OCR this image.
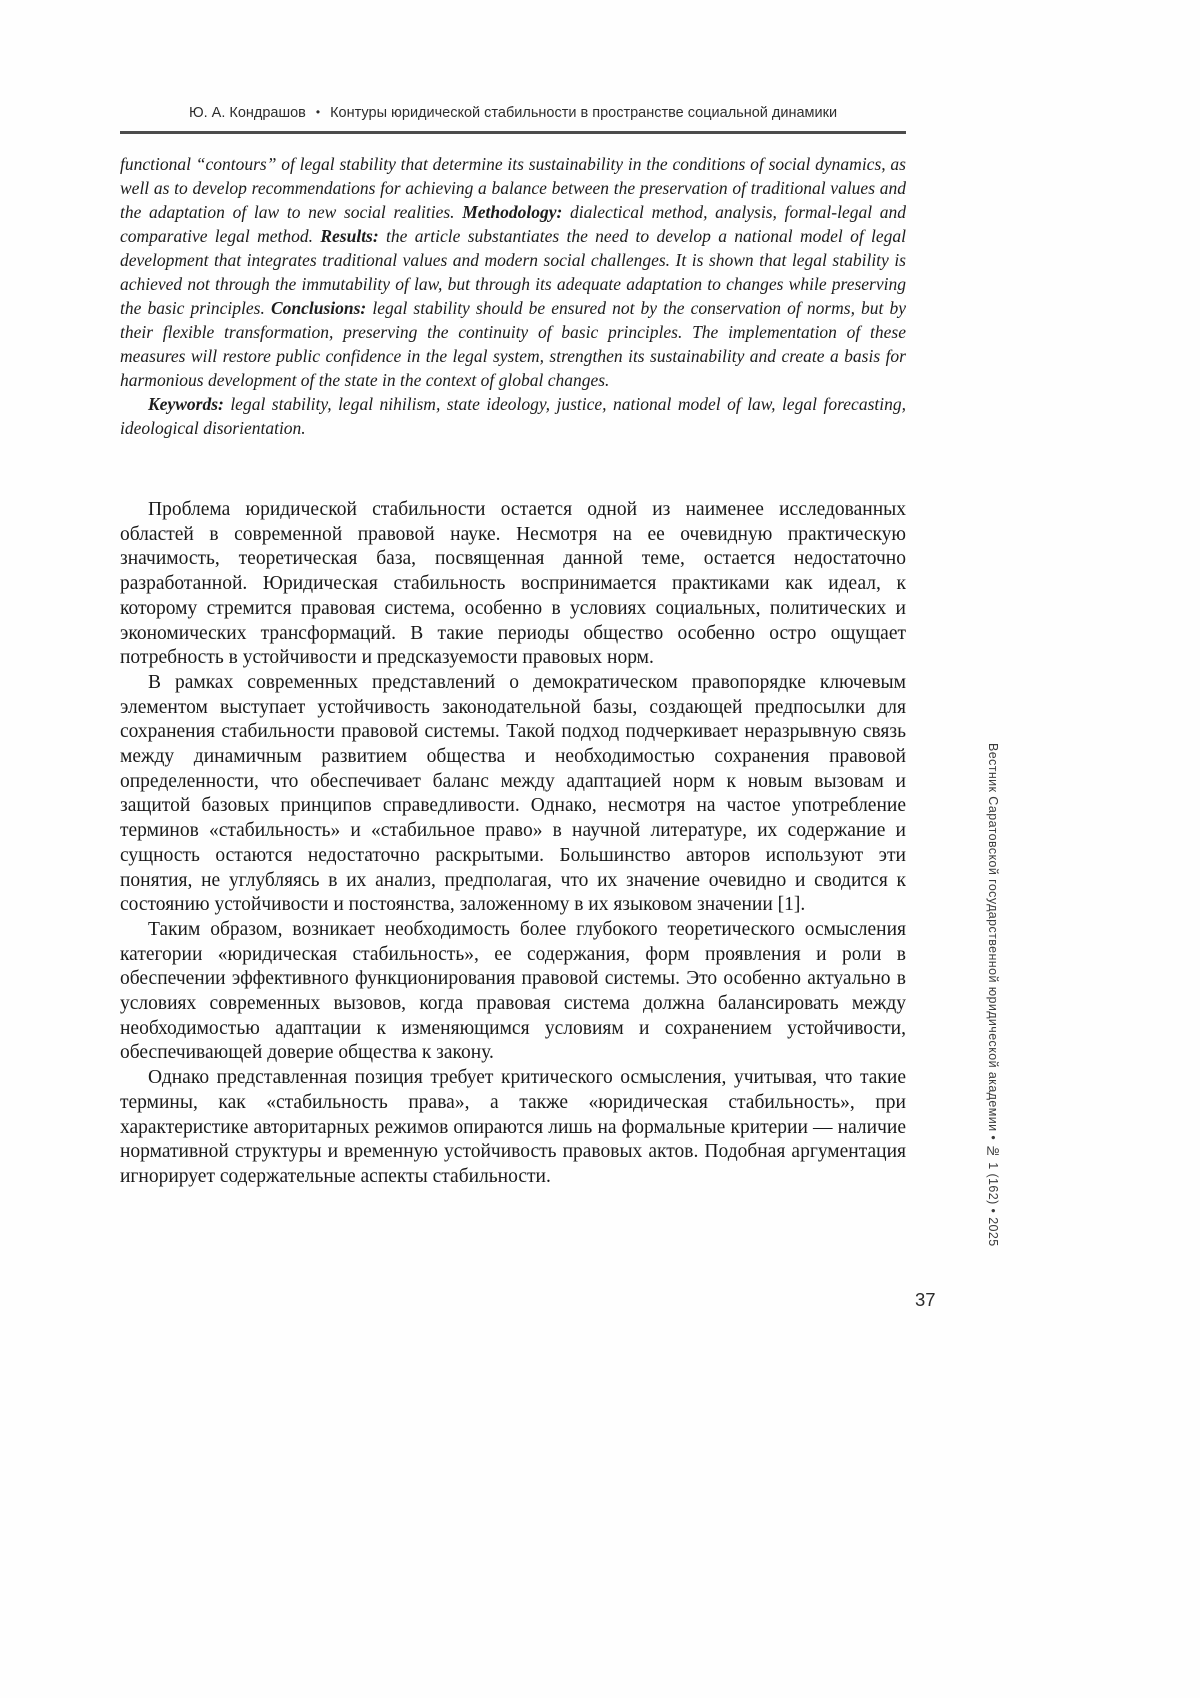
Ю. А. Кондрашов • Контуры юридической стабильности в пространстве социальной динамики

functional “contours” of legal stability that determine its sustainability in the conditions of social dynamics, as well as to develop recommendations for achieving a balance between the preservation of traditional values and the adaptation of law to new social realities. Methodology: dialectical method, analysis, formal-legal and comparative legal method. Results: the article substantiates the need to develop a national model of legal development that integrates traditional values and modern social challenges. It is shown that legal stability is achieved not through the immutability of law, but through its adequate adaptation to changes while preserving the basic principles. Conclusions: legal stability should be ensured not by the conservation of norms, but by their flexible transformation, preserving the continuity of basic principles. The implementation of these measures will restore public confidence in the legal system, strengthen its sustainability and create a basis for harmonious development of the state in the context of global changes.

Keywords: legal stability, legal nihilism, state ideology, justice, national model of law, legal forecasting, ideological disorientation.

Проблема юридической стабильности остается одной из наименее исследованных областей в современной правовой науке. Несмотря на ее очевидную практическую значимость, теоретическая база, посвященная данной теме, остается недостаточно разработанной. Юридическая стабильность воспринимается практиками как идеал, к которому стремится правовая система, особенно в условиях социальных, политических и экономических трансформаций. В такие периоды общество особенно остро ощущает потребность в устойчивости и предсказуемости правовых норм.

В рамках современных представлений о демократическом правопорядке ключевым элементом выступает устойчивость законодательной базы, создающей предпосылки для сохранения стабильности правовой системы. Такой подход подчеркивает неразрывную связь между динамичным развитием общества и необходимостью сохранения правовой определенности, что обеспечивает баланс между адаптацией норм к новым вызовам и защитой базовых принципов справедливости. Однако, несмотря на частое употребление терминов «стабильность» и «стабильное право» в научной литературе, их содержание и сущность остаются недостаточно раскрытыми. Большинство авторов используют эти понятия, не углубляясь в их анализ, предполагая, что их значение очевидно и сводится к состоянию устойчивости и постоянства, заложенному в их языковом значении [1].

Таким образом, возникает необходимость более глубокого теоретического осмысления категории «юридическая стабильность», ее содержания, форм проявления и роли в обеспечении эффективного функционирования правовой системы. Это особенно актуально в условиях современных вызовов, когда правовая система должна балансировать между необходимостью адаптации к изменяющимся условиям и сохранением устойчивости, обеспечивающей доверие общества к закону.

Однако представленная позиция требует критического осмысления, учитывая, что такие термины, как «стабильность права», а также «юридическая стабильность», при характеристике авторитарных режимов опираются лишь на формальные критерии — наличие нормативной структуры и временную устойчивость правовых актов. Подобная аргументация игнорирует содержательные аспекты стабильности.	Вестник Саратовской государственной юридической академии • № 1 (162) • 2025
37
